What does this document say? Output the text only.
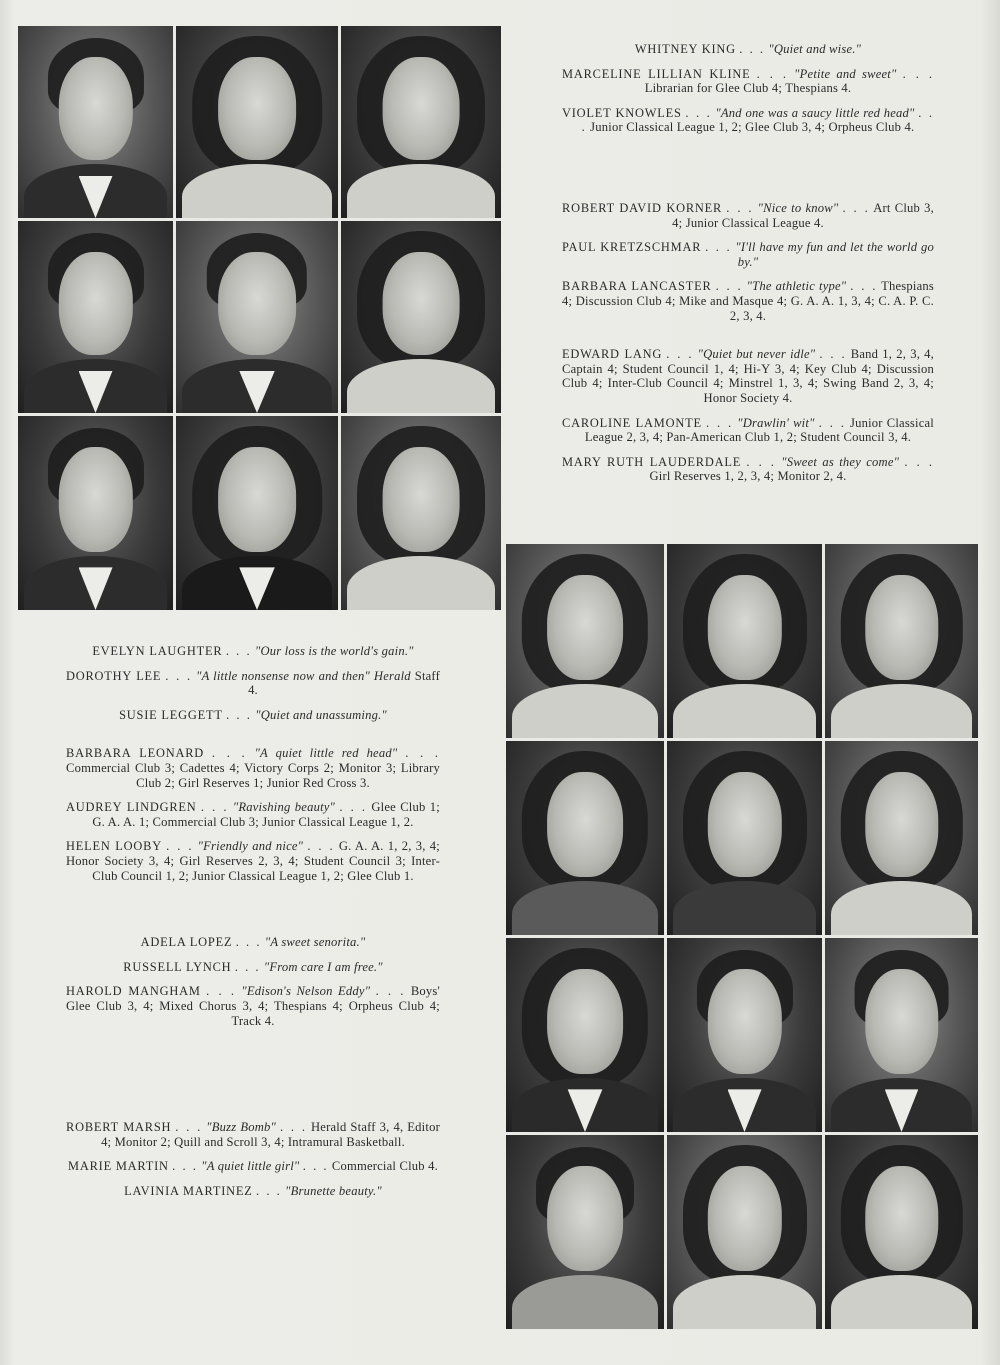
WHITNEY KING . . . "Quiet and wise."

MARCELINE LILLIAN KLINE . . . "Petite and sweet" . . . Librarian for Glee Club 4; Thespians 4.

VIOLET KNOWLES . . . "And one was a saucy little red head" . . . Junior Classical League 1, 2; Glee Club 3, 4; Orpheus Club 4.

ROBERT DAVID KORNER . . . "Nice to know" . . . Art Club 3, 4; Junior Classical League 4.

PAUL KRETZSCHMAR . . . "I'll have my fun and let the world go by."

BARBARA LANCASTER . . . "The athletic type" . . . Thespians 4; Discussion Club 4; Mike and Masque 4; G. A. A. 1, 3, 4; C. A. P. C. 2, 3, 4.

EDWARD LANG . . . "Quiet but never idle" . . . Band 1, 2, 3, 4, Captain 4; Student Council 1, 4; Hi-Y 3, 4; Key Club 4; Discussion Club 4; Inter-Club Council 4; Minstrel 1, 3, 4; Swing Band 2, 3, 4; Honor Society 4.

CAROLINE LAMONTE . . . "Drawlin' wit" . . . Junior Classical League 2, 3, 4; Pan-American Club 1, 2; Student Council 3, 4.

MARY RUTH LAUDERDALE . . . "Sweet as they come" . . . Girl Reserves 1, 2, 3, 4; Monitor 2, 4.

EVELYN LAUGHTER . . . "Our loss is the world's gain."

DOROTHY LEE . . . "A little nonsense now and then" Herald Staff 4.

SUSIE LEGGETT . . . "Quiet and unassuming."

BARBARA LEONARD . . . "A quiet little red head" . . . Commercial Club 3; Cadettes 4; Victory Corps 2; Monitor 3; Library Club 2; Girl Reserves 1; Junior Red Cross 3.

AUDREY LINDGREN . . . "Ravishing beauty" . . . Glee Club 1; G. A. A. 1; Commercial Club 3; Junior Classical League 1, 2.

HELEN LOOBY . . . "Friendly and nice" . . . G. A. A. 1, 2, 3, 4; Honor Society 3, 4; Girl Reserves 2, 3, 4; Student Council 3; Inter-Club Council 1, 2; Junior Classical League 1, 2; Glee Club 1.

ADELA LOPEZ . . . "A sweet senorita."

RUSSELL LYNCH . . . "From care I am free."

HAROLD MANGHAM . . . "Edison's Nelson Eddy" . . . Boys' Glee Club 3, 4; Mixed Chorus 3, 4; Thespians 4; Orpheus Club 4; Track 4.

ROBERT MARSH . . . "Buzz Bomb" . . . Herald Staff 3, 4, Editor 4; Monitor 2; Quill and Scroll 3, 4; Intramural Basketball.

MARIE MARTIN . . . "A quiet little girl" . . . Commercial Club 4.

LAVINIA MARTINEZ . . . "Brunette beauty."
